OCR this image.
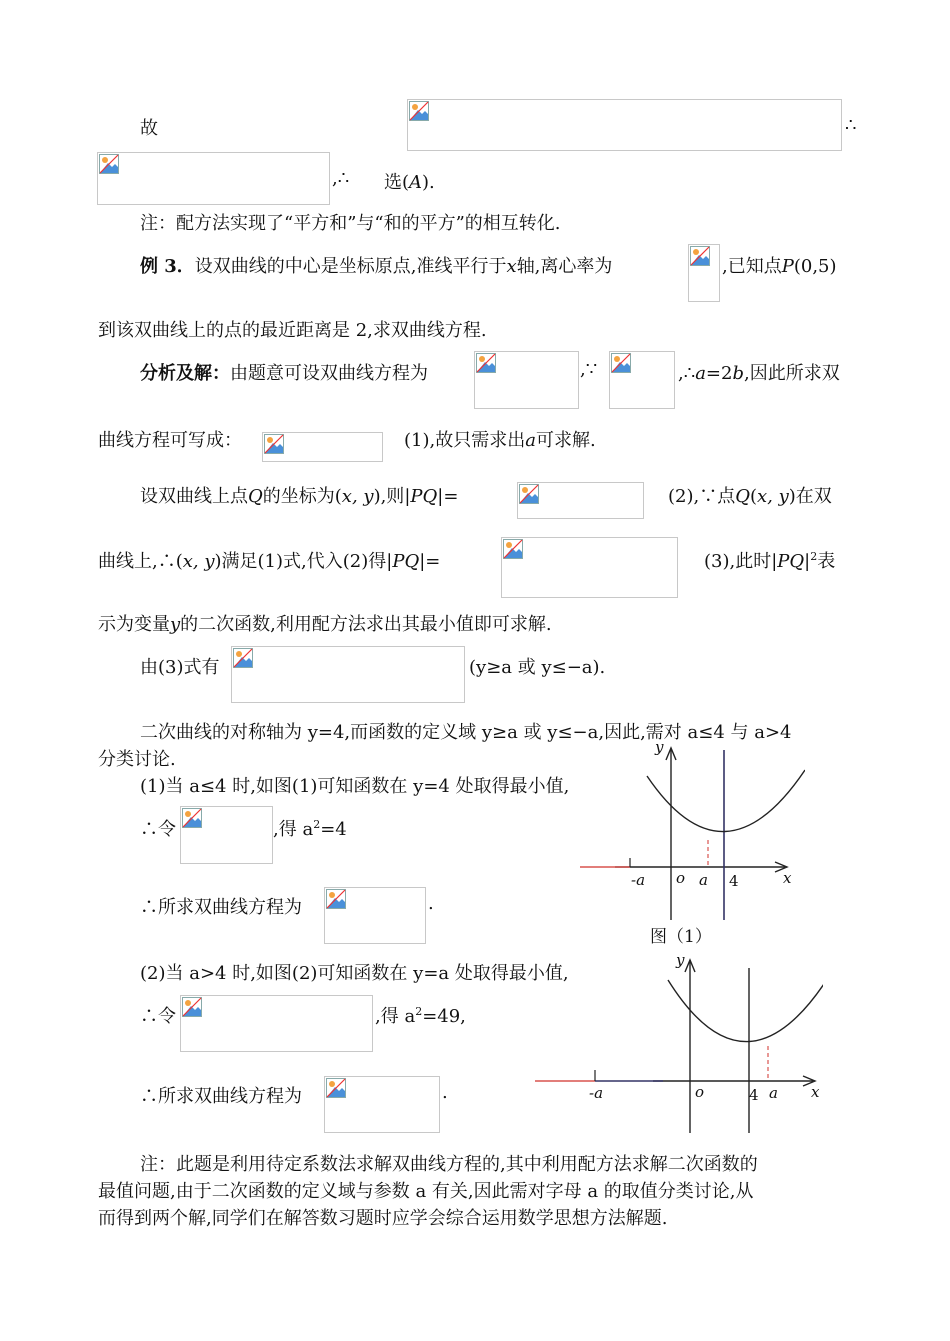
故	∴
,∴ 选(A).
注：配方法实现了“平方和”与“和的平方”的相互转化.
例 3．设双曲线的中心是坐标原点,准线平行于x轴,离心率为	,已知点P(0,5)
到该双曲线上的点的最近距离是 2,求双曲线方程.
分析及解：由题意可设双曲线方程为	,∵	,∴a=2b,因此所求双
曲线方程可写成：	(1),故只需求出a可求解.
设双曲线上点Q的坐标为(x, y),则|PQ|=	(2),∵点Q(x, y)在双
曲线上,∴(x, y)满足(1)式,代入(2)得|PQ|=	(3),此时$|PQ|^2$表
示为变量y的二次函数,利用配方法求出其最小值即可求解.
由(3)式有	(y≥a 或 y≤−a).
二次曲线的对称轴为 y=4,而函数的定义域 y≥a 或 y≤−a,因此,需对 a≤4 与 a>4
分类讨论.
(1)当 a≤4 时,如图(1)可知函数在 y=4 处取得最小值,
∴令	,得 $a^2=4$
∴所求双曲线方程为	.
(2)当 a>4 时,如图(2)可知函数在 y=a 处取得最小值,
∴令	,得 $a^2=49$,
∴所求双曲线方程为	.
y
-a o a 4	x
图（1）
y
-a	o	4 a x
注：此题是利用待定系数法求解双曲线方程的,其中利用配方法求解二次函数的
最值问题,由于二次函数的定义域与参数 a 有关,因此需对字母 a 的取值分类讨论,从
而得到两个解,同学们在解答数习题时应学会综合运用数学思想方法解题.
